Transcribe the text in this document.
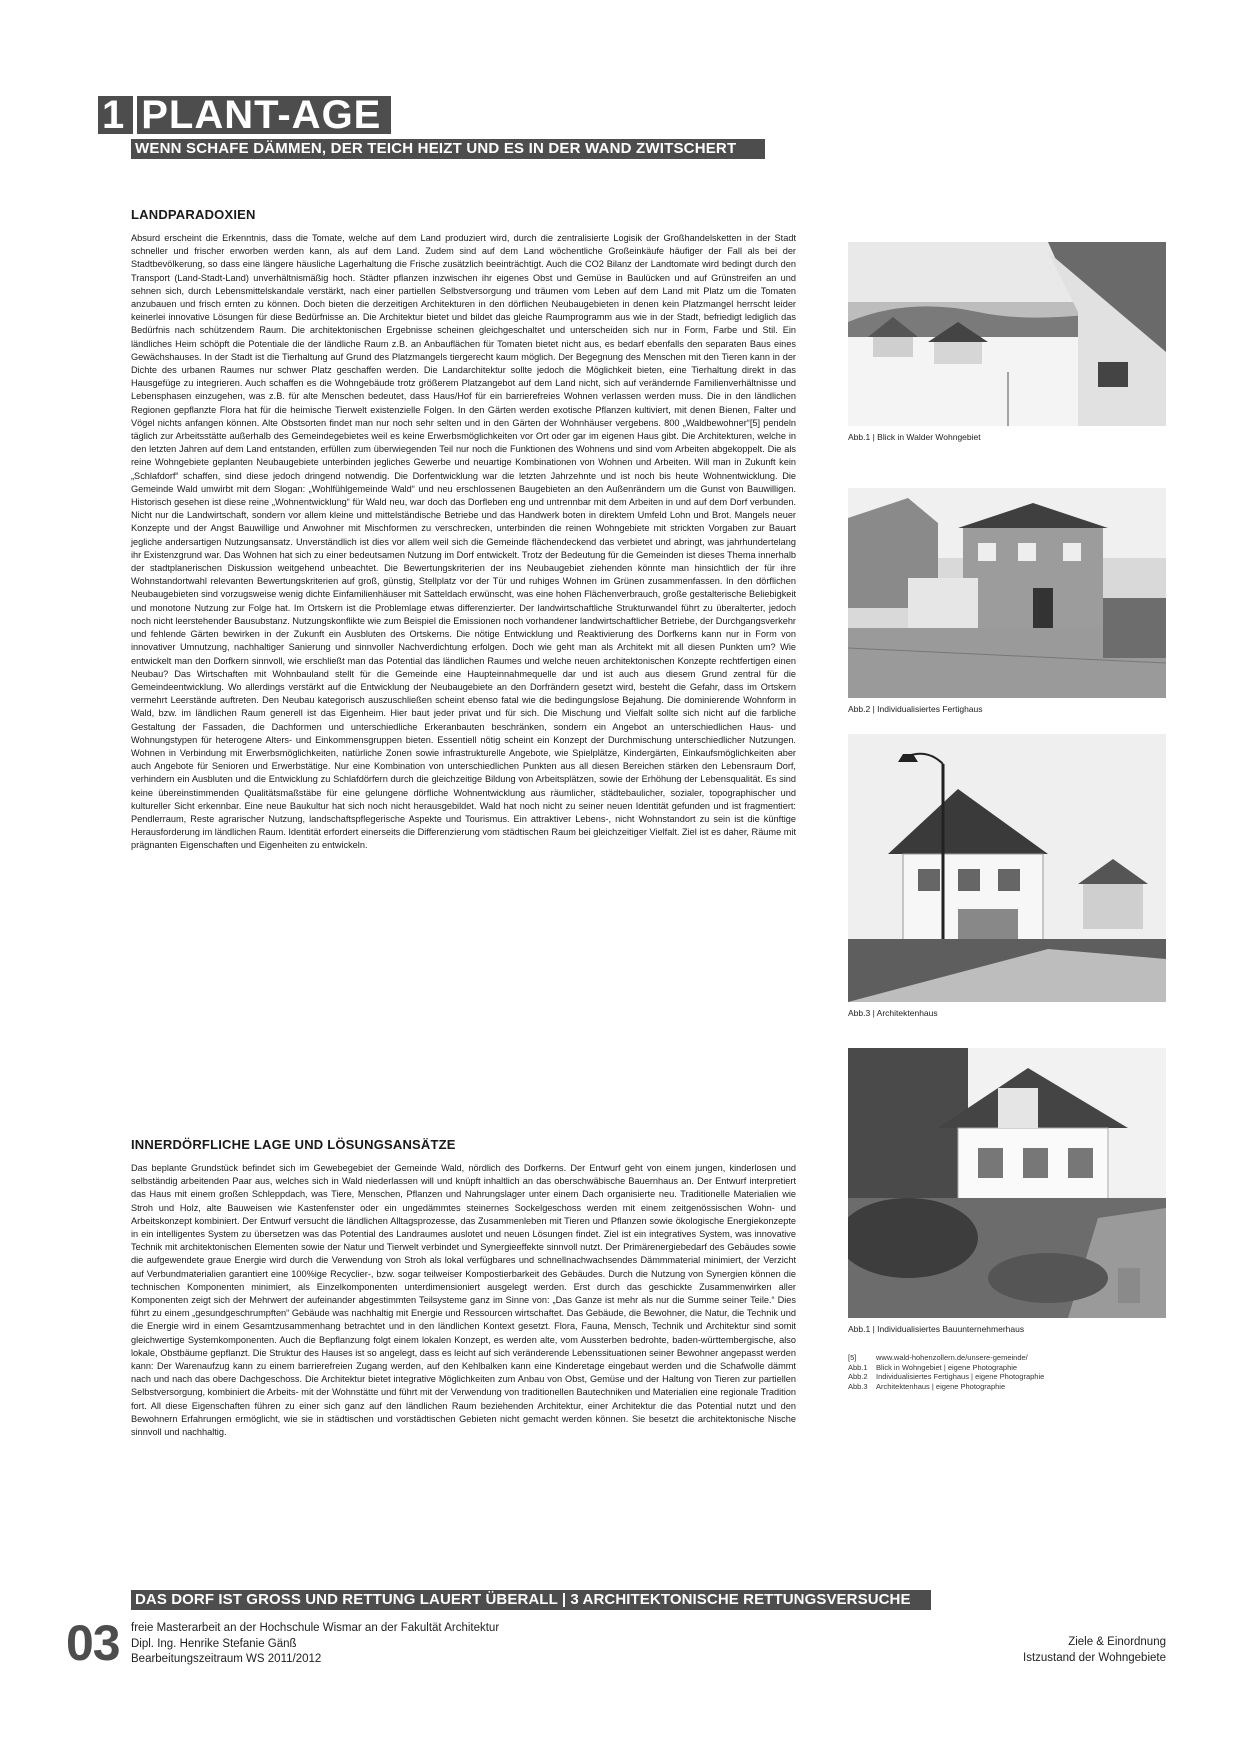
1 PLANT-AGE
WENN SCHAFE DÄMMEN, DER TEICH HEIZT UND ES IN DER WAND ZWITSCHERT
LANDPARADOXIEN

Absurd erscheint die Erkenntnis, dass die Tomate, welche auf dem Land produziert wird, durch die zentralisierte Logisik der Großhandelsketten in der Stadt schneller und frischer erworben werden kann, als auf dem Land. Zudem sind auf dem Land wöchentliche Großeinkäufe häufiger der Fall als bei der Stadtbevölkerung, so dass eine längere häusliche Lagerhaltung die Frische zusätzlich beeinträchtigt. Auch die CO2 Bilanz der Landtomate wird bedingt durch den Transport (Land-Stadt-Land) unverhältnismäßig hoch. Städter pflanzen inzwischen ihr eigenes Obst und Gemüse in Baulücken und auf Grünstreifen an und sehnen sich, durch Lebensmittelskandale verstärkt, nach einer partiellen Selbstversorgung und träumen vom Leben auf dem Land mit Platz um die Tomaten anzubauen und frisch ernten zu können. Doch bieten die derzeitigen Architekturen in den dörflichen Neubaugebieten in denen kein Platzmangel herrscht leider keinerlei innovative Lösungen für diese Bedürfnisse an. Die Architektur bietet und bildet das gleiche Raumprogramm aus wie in der Stadt, befriedigt lediglich das Bedürfnis nach schützendem Raum. Die architektonischen Ergebnisse scheinen gleichgeschaltet und unterscheiden sich nur in Form, Farbe und Stil. Ein ländliches Heim schöpft die Potentiale die der ländliche Raum z.B. an Anbauflächen für Tomaten bietet nicht aus, es bedarf ebenfalls den separaten Baus eines Gewächshauses. In der Stadt ist die Tierhaltung auf Grund des Platzmangels tiergerecht kaum möglich. Der Begegnung des Menschen mit den Tieren kann in der Dichte des urbanen Raumes nur schwer Platz geschaffen werden. Die Landarchitektur sollte jedoch die Möglichkeit bieten, eine Tierhaltung direkt in das Hausgefüge zu integrieren. Auch schaffen es die Wohngebäude trotz größerem Platzangebot auf dem Land nicht, sich auf verändernde Familienverhältnisse und Lebensphasen einzugehen, was z.B. für alte Menschen bedeutet, dass Haus/Hof für ein barrierefreies Wohnen verlassen werden muss. Die in den ländlichen Regionen gepflanzte Flora hat für die heimische Tierwelt existenzielle Folgen. In den Gärten werden exotische Pflanzen kultiviert, mit denen Bienen, Falter und Vögel nichts anfangen können. Alte Obstsorten findet man nur noch sehr selten und in den Gärten der Wohnhäuser vergebens. 800 „Waldbewohner“[5] pendeln täglich zur Arbeitsstätte außerhalb des Gemeindegebietes weil es keine Erwerbsmöglichkeiten vor Ort oder gar im eigenen Haus gibt. Die Architekturen, welche in den letzten Jahren auf dem Land entstanden, erfüllen zum überwiegenden Teil nur noch die Funktionen des Wohnens und sind vom Arbeiten abgekoppelt. Die als reine Wohngebiete geplanten Neubaugebiete unterbinden jegliches Gewerbe und neuartige Kombinationen von Wohnen und Arbeiten. Will man in Zukunft kein „Schlafdorf“ schaffen, sind diese jedoch dringend notwendig. Die Dorfentwicklung war die letzten Jahrzehnte und ist noch bis heute Wohnentwicklung. Die Gemeinde Wald umwirbt mit dem Slogan: „Wohlfühlgemeinde Wald“ und neu erschlossenen Baugebieten an den Außenrändern um die Gunst von Bauwilligen. Historisch gesehen ist diese reine „Wohnentwicklung“ für Wald neu, war doch das Dorfleben eng und untrennbar mit dem Arbeiten in und auf dem Dorf verbunden. Nicht nur die Landwirtschaft, sondern vor allem kleine und mittelständische Betriebe und das Handwerk boten in direktem Umfeld Lohn und Brot. Mangels neuer Konzepte und der Angst Bauwillige und Anwohner mit Mischformen zu verschrecken, unterbinden die reinen Wohngebiete mit strickten Vorgaben zur Bauart jegliche andersartigen Nutzungsansatz. Unverständlich ist dies vor allem weil sich die Gemeinde flächendeckend das verbietet und abringt, was jahrhundertelang ihr Existenzgrund war. Das Wohnen hat sich zu einer bedeutsamen Nutzung im Dorf entwickelt. Trotz der Bedeutung für die Gemeinden ist dieses Thema innerhalb der stadtplanerischen Diskussion weitgehend unbeachtet. Die Bewertungskriterien der ins Neubaugebiet ziehenden könnte man hinsichtlich der für ihre Wohnstandortwahl relevanten Bewertungskriterien auf groß, günstig, Stellplatz vor der Tür und ruhiges Wohnen im Grünen zusammenfassen. In den dörflichen Neubaugebieten sind vorzugsweise wenig dichte Einfamilienhäuser mit Satteldach erwünscht, was eine hohen Flächenverbrauch, große gestalterische Beliebigkeit und monotone Nutzung zur Folge hat. Im Ortskern ist die Problemlage etwas differenzierter. Der landwirtschaftliche Strukturwandel führt zu überalterter, jedoch noch nicht leerstehender Bausubstanz. Nutzungskonflikte wie zum Beispiel die Emissionen noch vorhandener landwirtschaftlicher Betriebe, der Durchgangsverkehr und fehlende Gärten bewirken in der Zukunft ein Ausbluten des Ortskerns. Die nötige Entwicklung und Reaktivierung des Dorfkerns kann nur in Form von innovativer Umnutzung, nachhaltiger Sanierung und sinnvoller Nachverdichtung erfolgen. Doch wie geht man als Architekt mit all diesen Punkten um? Wie entwickelt man den Dorfkern sinnvoll, wie erschließt man das Potential das ländlichen Raumes und welche neuen architektonischen Konzepte rechtfertigen einen Neubau? Das Wirtschaften mit Wohnbauland stellt für die Gemeinde eine Haupteinnahmequelle dar und ist auch aus diesem Grund zentral für die Gemeindeentwicklung. Wo allerdings verstärkt auf die Entwicklung der Neubaugebiete an den Dorfrändern gesetzt wird, besteht die Gefahr, dass im Ortskern vermehrt Leerstände auftreten. Den Neubau kategorisch auszuschließen scheint ebenso fatal wie die bedingungslose Bejahung. Die dominierende Wohnform in Wald, bzw. im ländlichen Raum generell ist das Eigenheim. Hier baut jeder privat und für sich. Die Mischung und Vielfalt sollte sich nicht auf die farbliche Gestaltung der Fassaden, die Dachformen und unterschiedliche Erkeranbauten beschränken, sondern ein Angebot an unterschiedlichen Haus- und Wohnungstypen für heterogene Alters- und Einkommensgruppen bieten. Essentiell nötig scheint ein Konzept der Durchmischung unterschiedlicher Nutzungen. Wohnen in Verbindung mit Erwerbsmöglichkeiten, natürliche Zonen sowie infrastrukturelle Angebote, wie Spielplätze, Kindergärten, Einkaufsmöglichkeiten aber auch Angebote für Senioren und Erwerbstätige. Nur eine Kombination von unterschiedlichen Punkten aus all diesen Bereichen stärken den Lebensraum Dorf, verhindern ein Ausbluten und die Entwicklung zu Schlafdörfern durch die gleichzeitige Bildung von Arbeitsplätzen, sowie der Erhöhung der Lebensqualität. Es sind keine übereinstimmenden Qualitätsmaßstäbe für eine gelungene dörfliche Wohnentwicklung aus räumlicher, städtebaulicher, sozialer, topographischer und kultureller Sicht erkennbar. Eine neue Baukultur hat sich noch nicht herausgebildet. Wald hat noch nicht zu seiner neuen Identität gefunden und ist fragmentiert: Pendlerraum, Reste agrarischer Nutzung, landschaftspflegerische Aspekte und Tourismus. Ein attraktiver Lebens-, nicht Wohnstandort zu sein ist die künftige Herausforderung im ländlichen Raum. Identität erfordert einerseits die Differenzierung vom städtischen Raum bei gleichzeitiger Vielfalt. Ziel ist es daher, Räume mit prägnanten Eigenschaften und Eigenheiten zu entwickeln.

INNERDÖRFLICHE LAGE UND LÖSUNGSANSÄTZE

Das beplante Grundstück befindet sich im Gewebegebiet der Gemeinde Wald, nördlich des Dorfkerns. Der Entwurf geht von einem jungen, kinderlosen und selbständig arbeitenden Paar aus, welches sich in Wald niederlassen will und knüpft inhaltlich an das oberschwäbische Bauernhaus an. Der Entwurf interpretiert das Haus mit einem großen Schleppdach, was Tiere, Menschen, Pflanzen und Nahrungslager unter einem Dach organisierte neu. Traditionelle Materialien wie Stroh und Holz, alte Bauweisen wie Kastenfenster oder ein ungedämmtes steinernes Sockelgeschoss werden mit einem zeitgenössischen Wohn- und Arbeitskonzept kombiniert. Der Entwurf versucht die ländlichen Alltagsprozesse, das Zusammenleben mit Tieren und Pflanzen sowie ökologische Energiekonzepte in ein intelligentes System zu übersetzen was das Potential des Landraumes auslotet und neuen Lösungen findet. Ziel ist ein integratives System, was innovative Technik mit architektonischen Elementen sowie der Natur und Tierwelt verbindet und Synergieeffekte sinnvoll nutzt. Der Primärenergiebedarf des Gebäudes sowie die aufgewendete graue Energie wird durch die Verwendung von Stroh als lokal verfügbares und schnellnachwachsendes Dämmmaterial minimiert, der Verzicht auf Verbundmaterialien garantiert eine 100%ige Recyclier-, bzw. sogar teilweiser Kompostierbarkeit des Gebäudes. Durch die Nutzung von Synergien können die technischen Komponenten minimiert, als Einzelkomponenten unterdimensioniert ausgelegt werden. Erst durch das geschickte Zusammenwirken aller Komponenten zeigt sich der Mehrwert der aufeinander abgestimmten Teilsysteme ganz im Sinne von: „Das Ganze ist mehr als nur die Summe seiner Teile.“ Dies führt zu einem „gesundgeschrumpften“ Gebäude was nachhaltig mit Energie und Ressourcen wirtschaftet. Das Gebäude, die Bewohner, die Natur, die Technik und die Energie wird in einem Gesamtzusammenhang betrachtet und in den ländlichen Kontext gesetzt. Flora, Fauna, Mensch, Technik und Architektur sind somit gleichwertige Systemkomponenten. Auch die Bepflanzung folgt einem lokalen Konzept, es werden alte, vom Aussterben bedrohte, baden-württembergische, also lokale, Obstbäume gepflanzt. Die Struktur des Hauses ist so angelegt, dass es leicht auf sich veränderende Lebenssituationen seiner Bewohner angepasst werden kann: Der Warenaufzug kann zu einem barrierefreien Zugang werden, auf den Kehlbalken kann eine Kinderetage eingebaut werden und die Schafwolle dämmt nach und nach das obere Dachgeschoss. Die Architektur bietet integrative Möglichkeiten zum Anbau von Obst, Gemüse und der Haltung von Tieren zur partiellen Selbstversorgung, kombiniert die Arbeits- mit der Wohnstätte und führt mit der Verwendung von traditionellen Bautechniken und Materialien eine regionale Tradition fort. All diese Eigenschaften führen zu einer sich ganz auf den ländlichen Raum beziehenden Architektur, einer Architektur die das Potential nutzt und den Bewohnern Erfahrungen ermöglicht, wie sie in städtischen und vorstädtischen Gebieten nicht gemacht werden können. Sie besetzt die architektonische Nische sinnvoll und nachhaltig.

Abb.1 | Blick in Walder Wohngebiet
Abb.2 | Individualisiertes Fertighaus
Abb.3 | Architektenhaus
Abb.1 | Individualisiertes Bauunternehmerhaus
[5]	www.wald-hohenzollern.de/unsere-gemeinde/
Abb.1 Blick in Wohngebiet | eigene Photographie
Abb.2 Individualisiertes Fertighaus | eigene Photographie
Abb.3 Architektenhaus | eigene Photographie
DAS DORF IST GROSS UND RETTUNG LAUERT ÜBERALL | 3 ARCHITEKTONISCHE RETTUNGSVERSUCHE
03 freie Masterarbeit an der Hochschule Wismar an der Fakultät Architektur
Dipl. Ing. Henrike Stefanie Gänß
Bearbeitungszeitraum WS 2011/2012
Ziele & Einordnung
Istzustand der Wohngebiete
